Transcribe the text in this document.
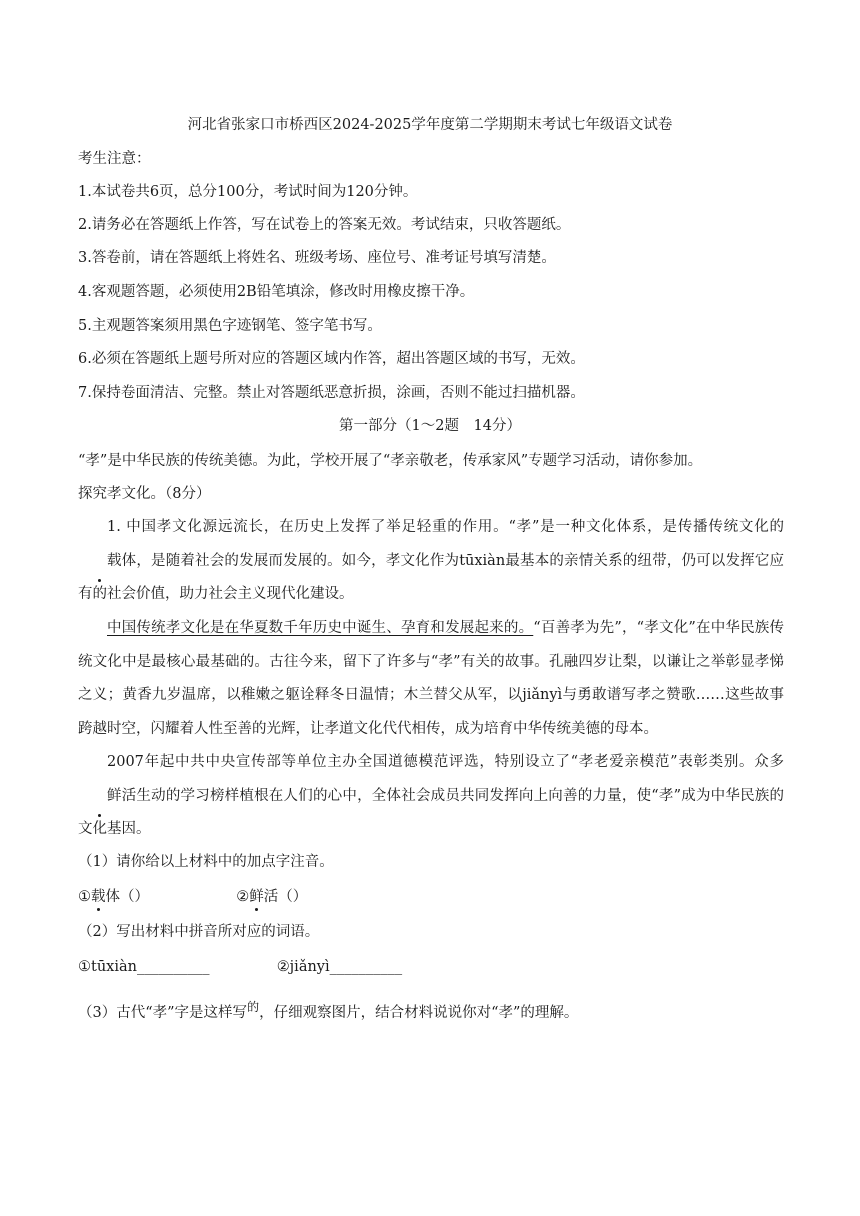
河北省张家口市桥西区2024-2025学年度第二学期期末考试七年级语文试卷
考生注意：
1.本试卷共6页，总分100分，考试时间为120分钟。
2.请务必在答题纸上作答，写在试卷上的答案无效。考试结束，只收答题纸。
3.答卷前，请在答题纸上将姓名、班级考场、座位号、准考证号填写清楚。
4.客观题答题，必须使用2B铅笔填涂，修改时用橡皮擦干净。
5.主观题答案须用黑色字迹钢笔、签字笔书写。
6.必须在答题纸上题号所对应的答题区域内作答，超出答题区域的书写，无效。
7.保持卷面清洁、完整。禁止对答题纸恶意折损，涂画，否则不能过扫描机器。
第一部分（1～2题　14分）
“孝”是中华民族的传统美德。为此，学校开展了“孝亲敬老，传承家风”专题学习活动，请你参加。
探究孝文化。（8分）
1. 中国孝文化源远流长，在历史上发挥了举足轻重的作用。“孝”是一种文化体系，是传播传统文化的载体，是随着社会的发展而发展的。如今，孝文化作为tūxiàn最基本的亲情关系的纽带，仍可以发挥它应有的社会价值，助力社会主义现代化建设。
中国传统孝文化是在华夏数千年历史中诞生、孕育和发展起来的。“百善孝为先”，“孝文化”在中华民族传统文化中是最核心最基础的。古往今来，留下了许多与“孝”有关的故事。孔融四岁让梨，以谦让之举彰显孝悌之义；黄香九岁温席，以稚嫩之躯诠释冬日温情；木兰替父从军，以jiǎnyì与勇敢谱写孝之赞歌……这些故事跨越时空，闪耀着人性至善的光辉，让孝道文化代代相传，成为培育中华传统美德的母本。
2007年起中共中央宣传部等单位主办全国道德模范评选，特别设立了“孝老爱亲模范”表彰类别。众多鲜活生动的学习榜样植根在人们的心中，全体社会成员共同发挥向上向善的力量，使“孝”成为中华民族的文化基因。
（1）请你给以上材料中的加点字注音。
①载体（）	②鲜活（）
（2）写出材料中拼音所对应的词语。
①tūxiàn__________	②jiǎnyì__________
（3）古代“孝”字是这样写$^的$，仔细观察图片，结合材料说说你对“孝”的理解。
